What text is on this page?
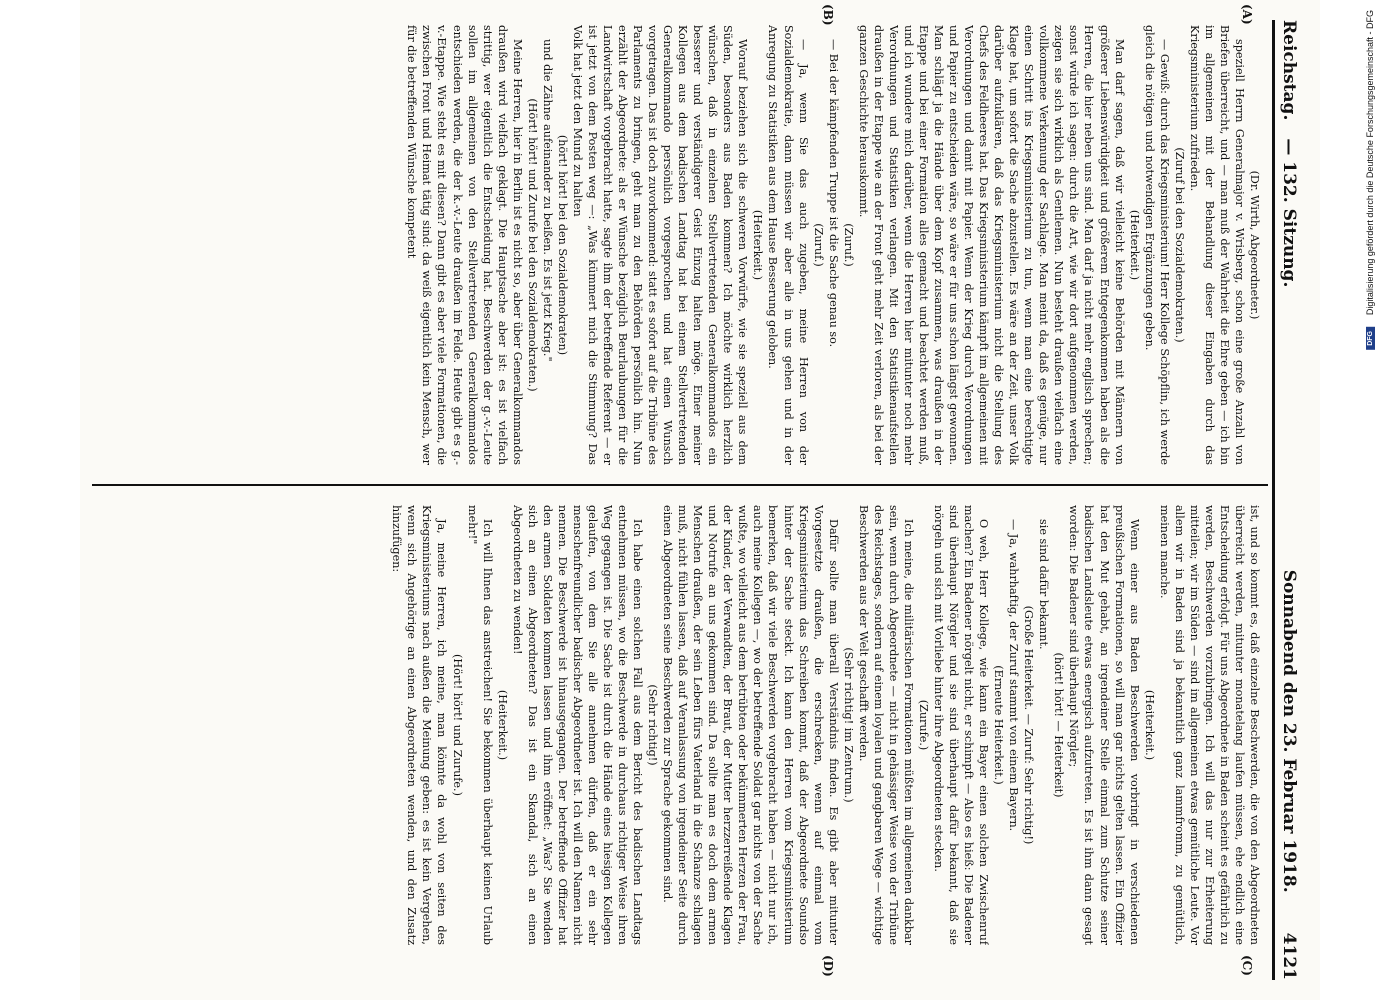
Reichstag.
— 132. Sitzung.
Sonnabend den 23. Februar 1918.
4121
(A)
(B)
(C)
(D)

(Dr. Wirth, Abgeordneter.)

speziell Herrn Generalmajor v. Wrisberg, schon eine große Anzahl von Briefen überreicht, und — man muß der Wahrheit die Ehre geben — ich bin im allgemeinen mit der Behandlung dieser Eingaben durch das Kriegsministerium zufrieden.

(Zuruf bei den Sozialdemokraten.)

— Gewiß: durch das Kriegsministerium! Herr Kollege Schöpflin, ich werde gleich die nötigen und notwendigen Ergänzungen geben.

(Heiterkeit.)

Man darf sagen, daß wir vielleicht keine Behörden mit Männern von größerer Liebenswürdigkeit und größerem Entgegenkommen haben als die Herren, die hier neben uns sind. Man darf ja nicht mehr englisch sprechen; sonst würde ich sagen: durch die Art, wie wir dort aufgenommen werden, zeigen sie sich wirklich als Gentlemen. Nun besteht draußen vielfach eine vollkommene Verkennung der Sachlage. Man meint da, daß es genüge, nur einen Schritt ins Kriegsministerium zu tun, wenn man eine berechtigte Klage hat, um sofort die Sache abzustellen. Es wäre an der Zeit, unser Volk darüber aufzuklären, daß das Kriegsministerium nicht die Stellung des Chefs des Feldheeres hat. Das Kriegsministerium kämpft im allgemeinen mit Verordnungen und damit mit Papier. Wenn der Krieg durch Verordnungen und Papier zu entscheiden wäre, so wäre er für uns schon längst gewonnen. Man schlägt ja die Hände über dem Kopf zusammen, was draußen in der Etappe und bei einer Formation alles gemacht und beachtet werden muß, und ich wundere mich darüber, wenn die Herren hier mitunter noch mehr Verordnungen und Statistiken verlangen. Mit den Statistikenaufstellen draußen in der Etappe wie an der Front geht mehr Zeit verloren, als bei der ganzen Geschichte herauskommt.

(Zuruf.)

— Bei der kämpfenden Truppe ist die Sache genau so.

(Zuruf.)

— Ja, wenn Sie das auch zugeben, meine Herren von der Sozialdemokratie, dann müssen wir aber alle in uns gehen und in der Anregung zu Statistiken aus dem Hause Besserung geloben.

(Heiterkeit.)

Worauf beziehen sich die schweren Vorwürfe, wie sie speziell aus dem Süden, besonders aus Baden kommen? Ich möchte wirklich herzlich wünschen, daß in einzelnen Stellvertretenden Generalkommandos ein besserer und verständigerer Geist Einzug halten möge. Einer meiner Kollegen aus dem badischen Landtag hat bei einem Stellvertretenden Generalkommando persönlich vorgesprochen und hat einen Wunsch vorgetragen. Das ist doch zuvorkommend: statt es sofort auf die Tribüne des Parlaments zu bringen, geht man zu den Behörden persönlich hin. Nun erzählt der Abgeordnete: als er Wünsche bezüglich Beurlaubungen für die Landwirtschaft vorgebracht hatte, sagte ihm der betreffende Referent — er ist jetzt von dem Posten weg —: „Was kümmert mich die Stimmung? Das Volk hat jetzt den Mund zu halten

(hört! hört! bei den Sozialdemokraten)

und die Zähne aufeinander zu beißen. Es ist jetzt Krieg."

(Hört! hört! und Zurufe bei den Sozialdemokraten.)

Meine Herren, hier in Berlin ist es nicht so, aber über Generalkommandos draußen wird vielfach geklagt. Die Hauptsache aber ist: es ist vielfach strittig, wer eigentlich die Entscheidung hat. Beschwerden der g.-v.-Leute sollen im allgemeinen von den Stellvertretenden Generalkommandos entschieden werden, die der k.-v.-Leute draußen im Felde. Heute gibt es g.-v.-Etappe. Wie steht es mit diesen? Dann gibt es aber viele Formationen, die zwischen Front und Heimat tätig sind: da weiß eigentlich kein Mensch, wer für die betreffenden Wünsche kompetent

ist, und so kommt es, daß einzelne Beschwerden, die von den Abgeordneten überreicht werden, mitunter monatelang laufen müssen, ehe endlich eine Entscheidung erfolgt. Für uns Abgeordnete in Baden scheint es gefährlich zu werden, Beschwerden vorzubringen. Ich will das nur zur Erheiterung mitteilen; wir im Süden — sind im allgemeinen etwas gemütliche Leute. Vor allem wir in Baden sind ja bekanntlich ganz lammfromm, zu gemütlich, meinen manche.

(Heiterkeit.)

Wenn einer aus Baden Beschwerden vorbringt in verschiedenen preußischen Formationen, so will man gar nichts gelten lassen. Ein Offizier hat den Mut gehabt, an irgendeiner Stelle einmal zum Schutze seiner badischen Landsleute etwas energisch aufzutreten. Es ist ihm dann gesagt worden: Die Badener sind überhaupt Nörgler;

(hört! hört! — Heiterkeit)

sie sind dafür bekannt.

(Große Heiterkeit. — Zuruf: Sehr richtig!)

— Ja, wahrhaftig, der Zuruf stammt von einem Bayern.

(Erneute Heiterkeit.)

O weh, Herr Kollege, wie kann ein Bayer einen solchen Zwischenruf machen? Ein Badener nörgelt nicht, er schimpft — Also es hieß: Die Badener sind überhaupt Nörgler und sie sind überhaupt dafür bekannt, daß sie nörgeln und sich mit Vorliebe hinter ihre Abgeordneten stecken.

(Zurufe.)

Ich meine, die militärischen Formationen müßten im allgemeinen dankbar sein, wenn durch Abgeordnete — nicht in gehässiger Weise von der Tribüne des Reichstages, sondern auf einem loyalen und gangbaren Wege — wichtige Beschwerden aus der Welt geschafft werden.

(Sehr richtig! im Zentrum.)

Dafür sollte man überall Verständnis finden. Es gibt aber mitunter Vorgesetzte draußen, die erschrecken, wenn auf einmal vom Kriegsministerium das Schreiben kommt, daß der Abgeordnete Soundso hinter der Sache steckt. Ich kann den Herren vom Kriegsministerium bemerken, daß wir viele Beschwerden vorgebracht haben — nicht nur ich, auch meine Kollegen —, wo der betreffende Soldat gar nichts von der Sache wußte, wo vielleicht aus dem betrübten oder bekümmerten Herzen der Frau, der Kinder, der Verwandten, der Braut, der Mutter herzzerreißende Klagen und Notrufe an uns gekommen sind. Da sollte man es doch dem armen Menschen draußen, der sein Leben fürs Vaterland in die Schanze schlagen muß, nicht fühlen lassen, daß auf Veranlassung von irgendeiner Seite durch einen Abgeordneten seine Beschwerden zur Sprache gekommen sind.

(Sehr richtig!)

Ich habe einen solchen Fall aus dem Bericht des badischen Landtags entnehmen müssen, wo die Beschwerde in durchaus richtiger Weise ihren Weg gegangen ist. Die Sache ist durch die Hände eines hiesigen Kollegen gelaufen, von dem Sie alle annehmen dürfen, daß er ein sehr menschenfreundlicher badischer Abgeordneter ist. Ich will den Namen nicht nennen. Die Beschwerde ist hinausgegangen. Der betreffende Offizier hat den armen Soldaten kommen lassen und ihm eröffnet: „Was? Sie wenden sich an einen Abgeordneten? Das ist ein Skandal, sich an einen Abgeordneten zu wenden!

(Heiterkeit.)

Ich will Ihnen das anstreichen! Sie bekommen überhaupt keinen Urlaub mehr!"

(Hört! hört! und Zurufe.)

Ja, meine Herren, ich meine, man könnte da wohl von seiten des Kriegsministeriums nach außen die Meinung geben: es ist kein Vergehen, wenn sich Angehörige an einen Abgeordneten wenden, und den Zusatz hinzufügen:

Digitalisierung gefördert durch die Deutsche Forschungsgemeinschaft - DFG
DFG
